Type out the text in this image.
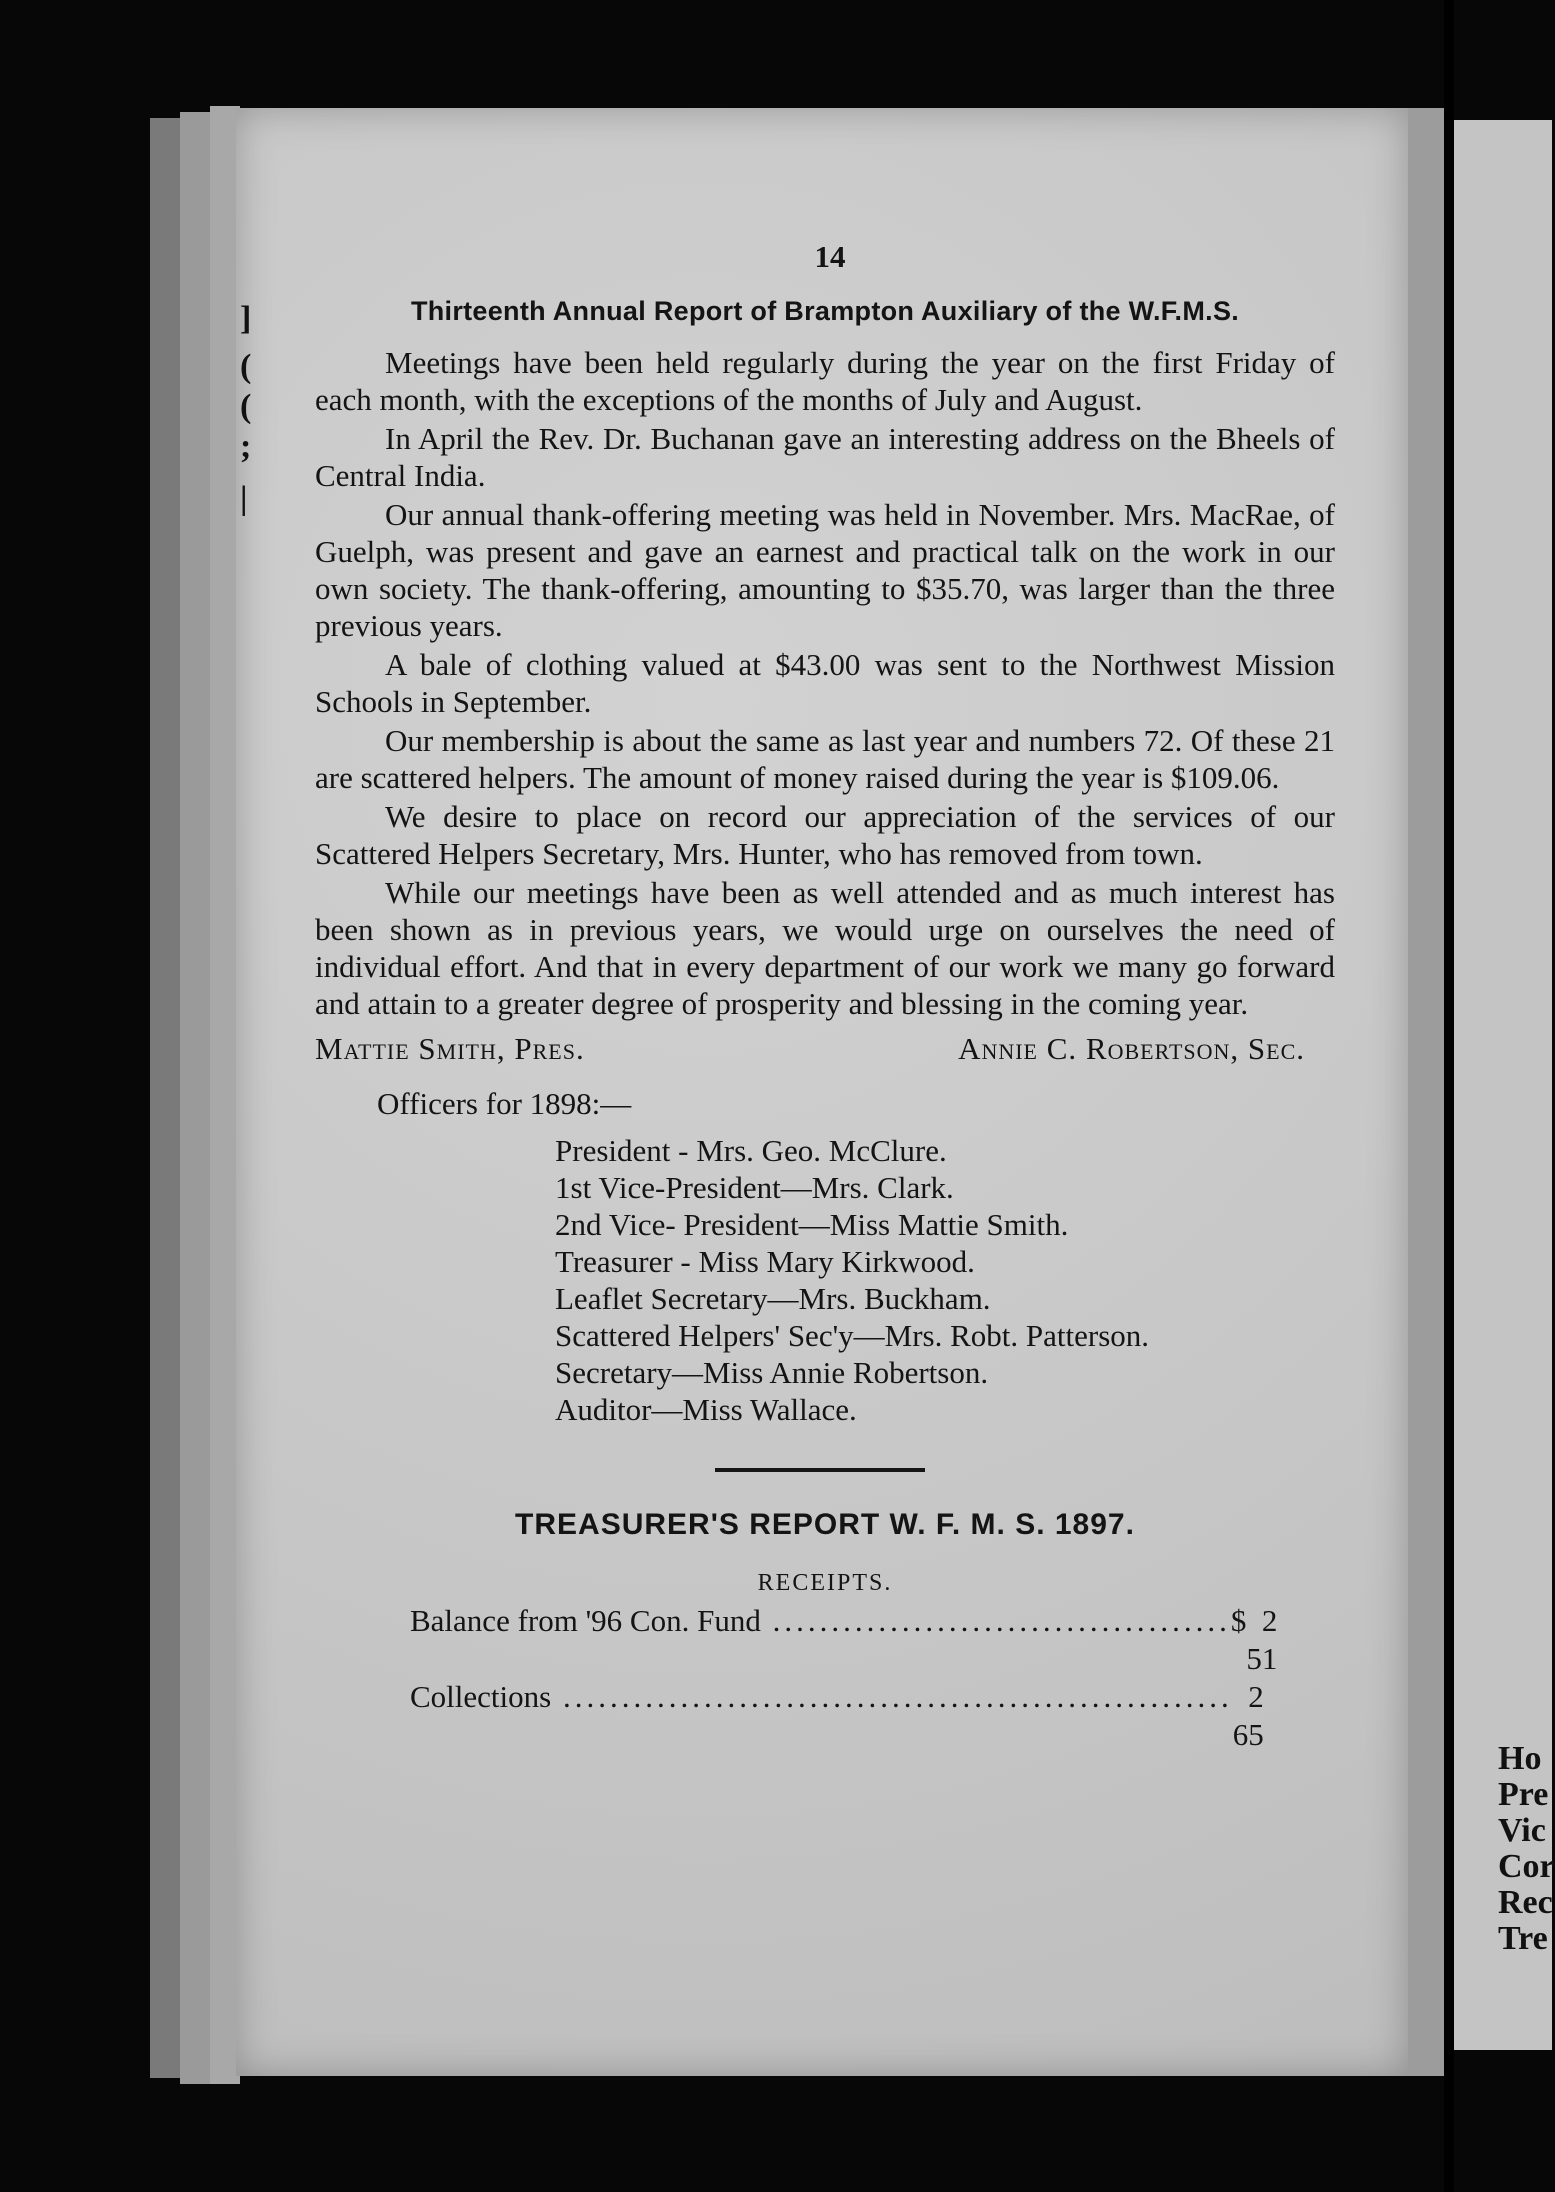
Ho
Pre
Vic
Cor
Rec
Tre
]
(
(
;
|
14
Thirteenth Annual Report of Brampton Auxiliary of the W.F.M.S.

Meetings have been held regularly during the year on the first Friday of each month, with the exceptions of the months of July and August.

In April the Rev. Dr. Buchanan gave an interesting address on the Bheels of Central India.

Our annual thank-offering meeting was held in November. Mrs. MacRae, of Guelph, was present and gave an earnest and practical talk on the work in our own society. The thank-offering, amounting to $35.70, was larger than the three previous years.

A bale of clothing valued at $43.00 was sent to the Northwest Mission Schools in September.

Our membership is about the same as last year and numbers 72. Of these 21 are scattered helpers. The amount of money raised during the year is $109.06.

We desire to place on record our appreciation of the services of our Scattered Helpers Secretary, Mrs. Hunter, who has removed from town.

While our meetings have been as well attended and as much interest has been shown as in previous years, we would urge on ourselves the need of individual effort. And that in every department of our work we many go forward and attain to a greater degree of prosperity and blessing in the coming year.

Mattie Smith, Pres.	Annie C. Robertson, Sec.
Officers for 1898:—
President - Mrs. Geo. McClure.
1st Vice-President—Mrs. Clark.
2nd Vice- President—Miss Mattie Smith.
Treasurer - Miss Mary Kirkwood.
Leaflet Secretary—Mrs. Buckham.
Scattered Helpers' Sec'y—Mrs. Robt. Patterson.
Secretary—Miss Annie Robertson.
Auditor—Miss Wallace.
TREASURER'S REPORT W. F. M. S. 1897.
RECEIPTS.
Balance from '96 Con. Fund ....................................... $ 2 51
Collections ......................................................... 2 65
